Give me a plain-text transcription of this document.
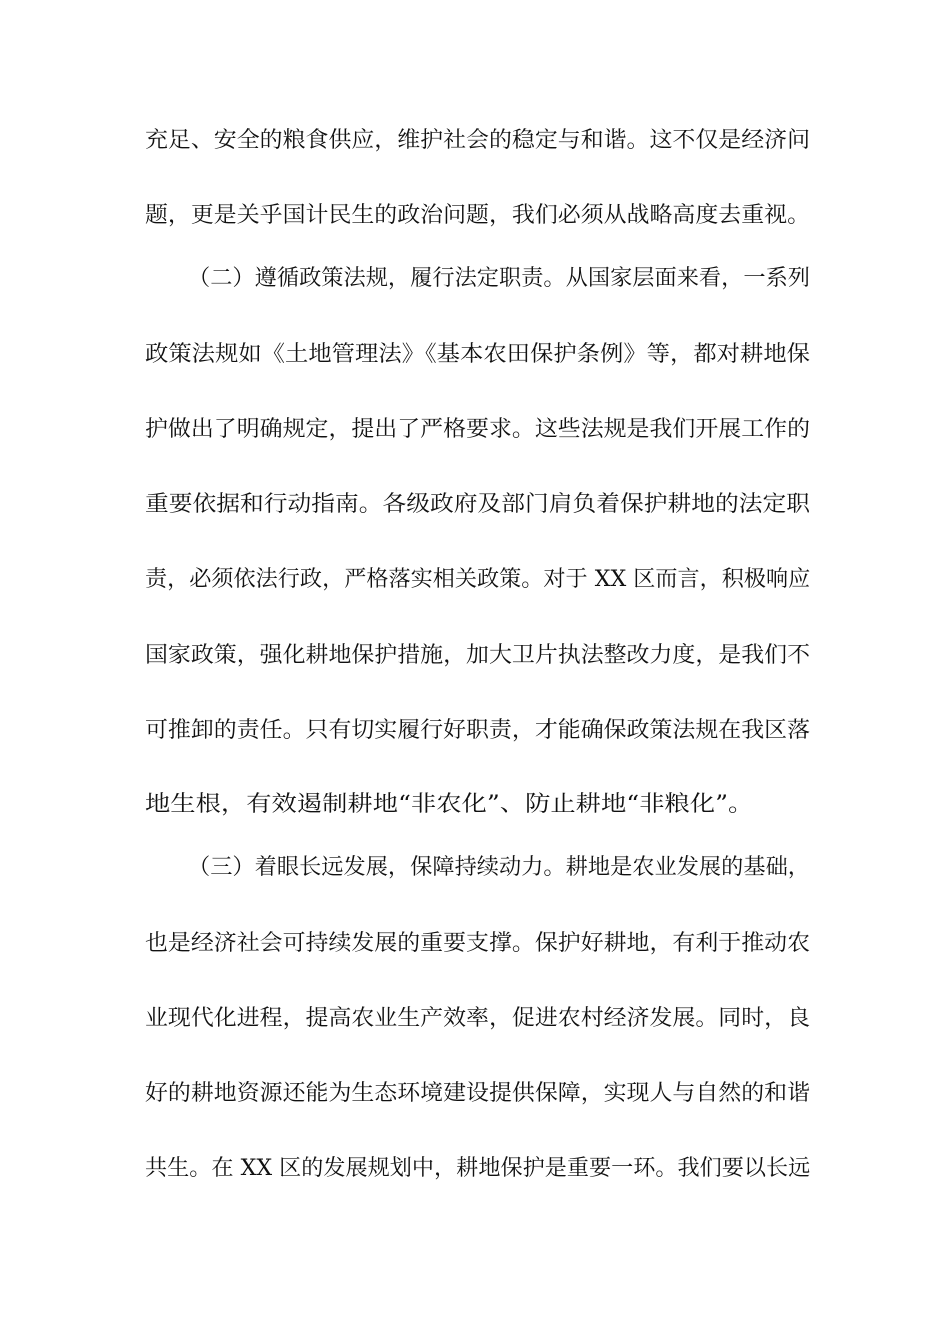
充足、安全的粮食供应，维护社会的稳定与和谐。这不仅是经济问
题，更是关乎国计民生的政治问题，我们必须从战略高度去重视。
（二）遵循政策法规，履行法定职责。从国家层面来看，一系列
政策法规如《土地管理法》《基本农田保护条例》等，都对耕地保
护做出了明确规定，提出了严格要求。这些法规是我们开展工作的
重要依据和行动指南。各级政府及部门肩负着保护耕地的法定职
责，必须依法行政，严格落实相关政策。对于 XX 区而言，积极响应
国家政策，强化耕地保护措施，加大卫片执法整改力度，是我们不
可推卸的责任。只有切实履行好职责，才能确保政策法规在我区落
地生根，有效遏制耕地“非农化”、防止耕地“非粮化”。
（三）着眼长远发展，保障持续动力。耕地是农业发展的基础，
也是经济社会可持续发展的重要支撑。保护好耕地，有利于推动农
业现代化进程，提高农业生产效率，促进农村经济发展。同时，良
好的耕地资源还能为生态环境建设提供保障，实现人与自然的和谐
共生。在 XX 区的发展规划中，耕地保护是重要一环。我们要以长远
